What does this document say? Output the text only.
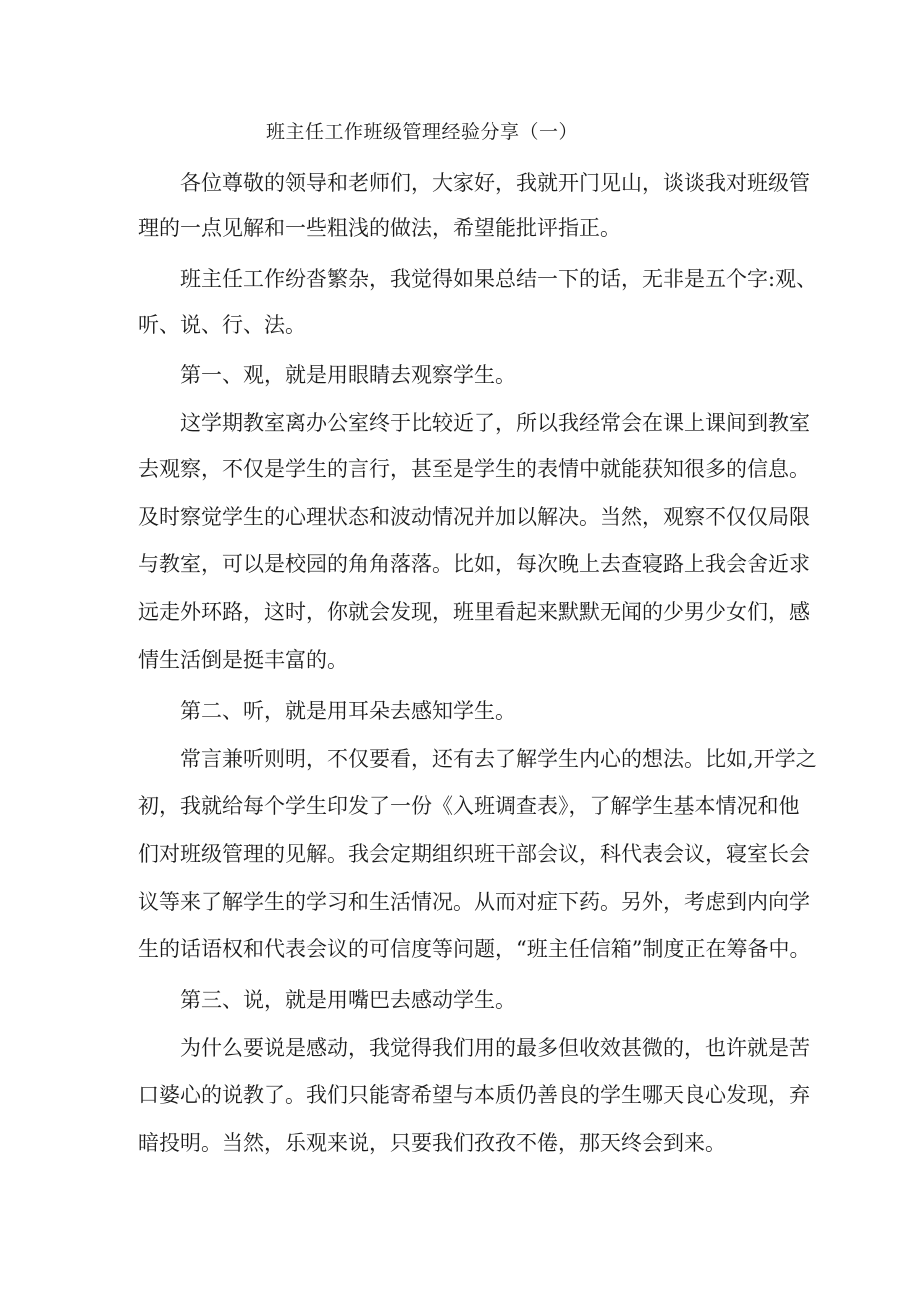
班主任工作班级管理经验分享（一）
各位尊敬的领导和老师们，大家好，我就开门见山，谈谈我对班级管
理的一点见解和一些粗浅的做法，希望能批评指正。
班主任工作纷沓繁杂，我觉得如果总结一下的话，无非是五个字:观、
听、说、行、法。
第一、观，就是用眼睛去观察学生。
这学期教室离办公室终于比较近了，所以我经常会在课上课间到教室
去观察，不仅是学生的言行，甚至是学生的表情中就能获知很多的信息。
及时察觉学生的心理状态和波动情况并加以解决。当然，观察不仅仅局限
与教室，可以是校园的角角落落。比如，每次晚上去查寝路上我会舍近求
远走外环路，这时，你就会发现，班里看起来默默无闻的少男少女们，感
情生活倒是挺丰富的。
第二、听，就是用耳朵去感知学生。
常言兼听则明，不仅要看，还有去了解学生内心的想法。比如,开学之
初，我就给每个学生印发了一份《入班调查表》，了解学生基本情况和他
们对班级管理的见解。我会定期组织班干部会议，科代表会议，寝室长会
议等来了解学生的学习和生活情况。从而对症下药。另外，考虑到内向学
生的话语权和代表会议的可信度等问题，“班主任信箱”制度正在筹备中。
第三、说，就是用嘴巴去感动学生。
为什么要说是感动，我觉得我们用的最多但收效甚微的，也许就是苦
口婆心的说教了。我们只能寄希望与本质仍善良的学生哪天良心发现，弃
暗投明。当然，乐观来说，只要我们孜孜不倦，那天终会到来。
